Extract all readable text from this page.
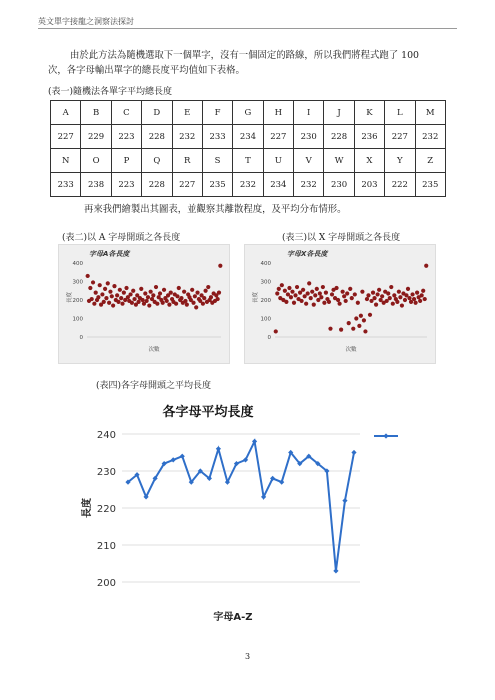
英文單字接龍之洞察法探討
由於此方法為隨機選取下一個單字，沒有一個固定的路線，所以我們將程式跑了 100
次，各字母輸出單字的總長度平均值如下表格。
(表一)隨機法各單字平均總長度
A	B	C	D	E	F	G	H	I	J	K	L	M
227	229	223	228	232	233	234	227	230	228	236	227	232
N	O	P	Q	R	S	T	U	V	W	X	Y	Z
233	238	223	228	227	235	232	234	232	230	203	222	235
再來我們繪製出其圖表，並觀察其離散程度，及平均分布情形。
(表二)以 A 字母開頭之各長度	(表三)以 X 字母開頭之各長度
字母A各長度
400
300
200
100
0
長度
次數
字母X各長度
400
300
200
100
0
長度
次數
(表四)各字母開頭之平均長度
各字母平均長度
240
230
220
210
200
長度
字母A-Z
3
